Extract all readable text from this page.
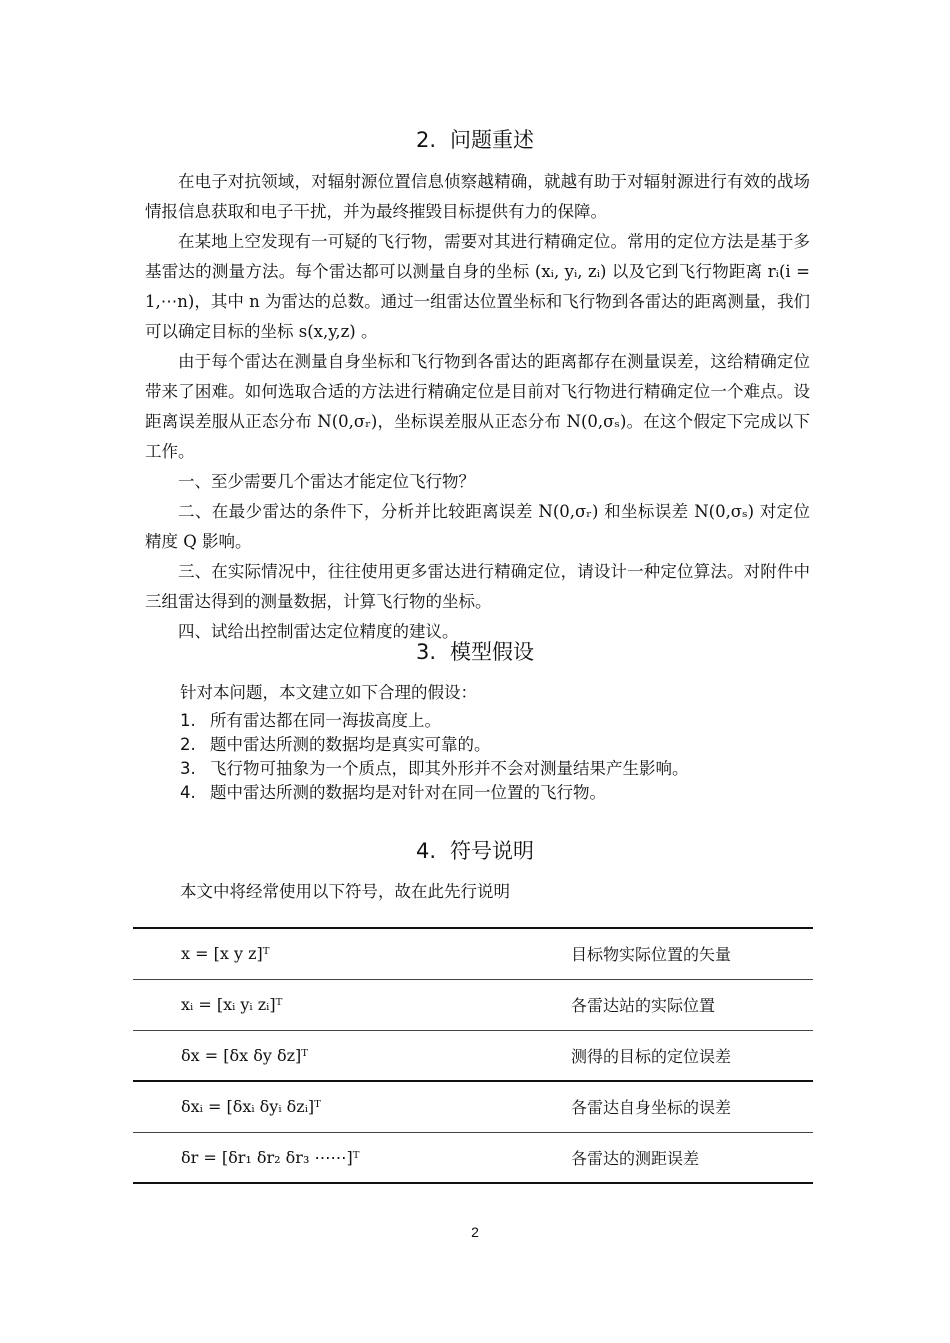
2. 问题重述

在电子对抗领域，对辐射源位置信息侦察越精确，就越有助于对辐射源进行有效的战场情报信息获取和电子干扰，并为最终摧毁目标提供有力的保障。

在某地上空发现有一可疑的飞行物，需要对其进行精确定位。常用的定位方法是基于多基雷达的测量方法。每个雷达都可以测量自身的坐标 (xᵢ, yᵢ, zᵢ) 以及它到飞行物距离 rᵢ(i = 1,⋯n)，其中 n 为雷达的总数。通过一组雷达位置坐标和飞行物到各雷达的距离测量，我们可以确定目标的坐标 s(x,y,z) 。

由于每个雷达在测量自身坐标和飞行物到各雷达的距离都存在测量误差，这给精确定位带来了困难。如何选取合适的方法进行精确定位是目前对飞行物进行精确定位一个难点。设距离误差服从正态分布 N(0,σᵣ)，坐标误差服从正态分布 N(0,σₛ)。在这个假定下完成以下工作。

一、至少需要几个雷达才能定位飞行物？

二、在最少雷达的条件下，分析并比较距离误差 N(0,σᵣ) 和坐标误差 N(0,σₛ) 对定位精度 Q 影响。

三、在实际情况中，往往使用更多雷达进行精确定位，请设计一种定位算法。对附件中三组雷达得到的测量数据，计算飞行物的坐标。

四、试给出控制雷达定位精度的建议。

3. 模型假设
针对本问题，本文建立如下合理的假设：
1. 所有雷达都在同一海拔高度上。
2. 题中雷达所测的数据均是真实可靠的。
3. 飞行物可抽象为一个质点，即其外形并不会对测量结果产生影响。
4. 题中雷达所测的数据均是对针对在同一位置的飞行物。
4. 符号说明
本文中将经常使用以下符号，故在此先行说明
x = [x y z]ᵀ	目标物实际位置的矢量
xᵢ = [xᵢ yᵢ zᵢ]ᵀ	各雷达站的实际位置
δx = [δx δy δz]ᵀ	测得的目标的定位误差
δxᵢ = [δxᵢ δyᵢ δzᵢ]ᵀ	各雷达自身坐标的误差
δr = [δr₁ δr₂ δr₃ ⋯⋯]ᵀ	各雷达的测距误差
2
